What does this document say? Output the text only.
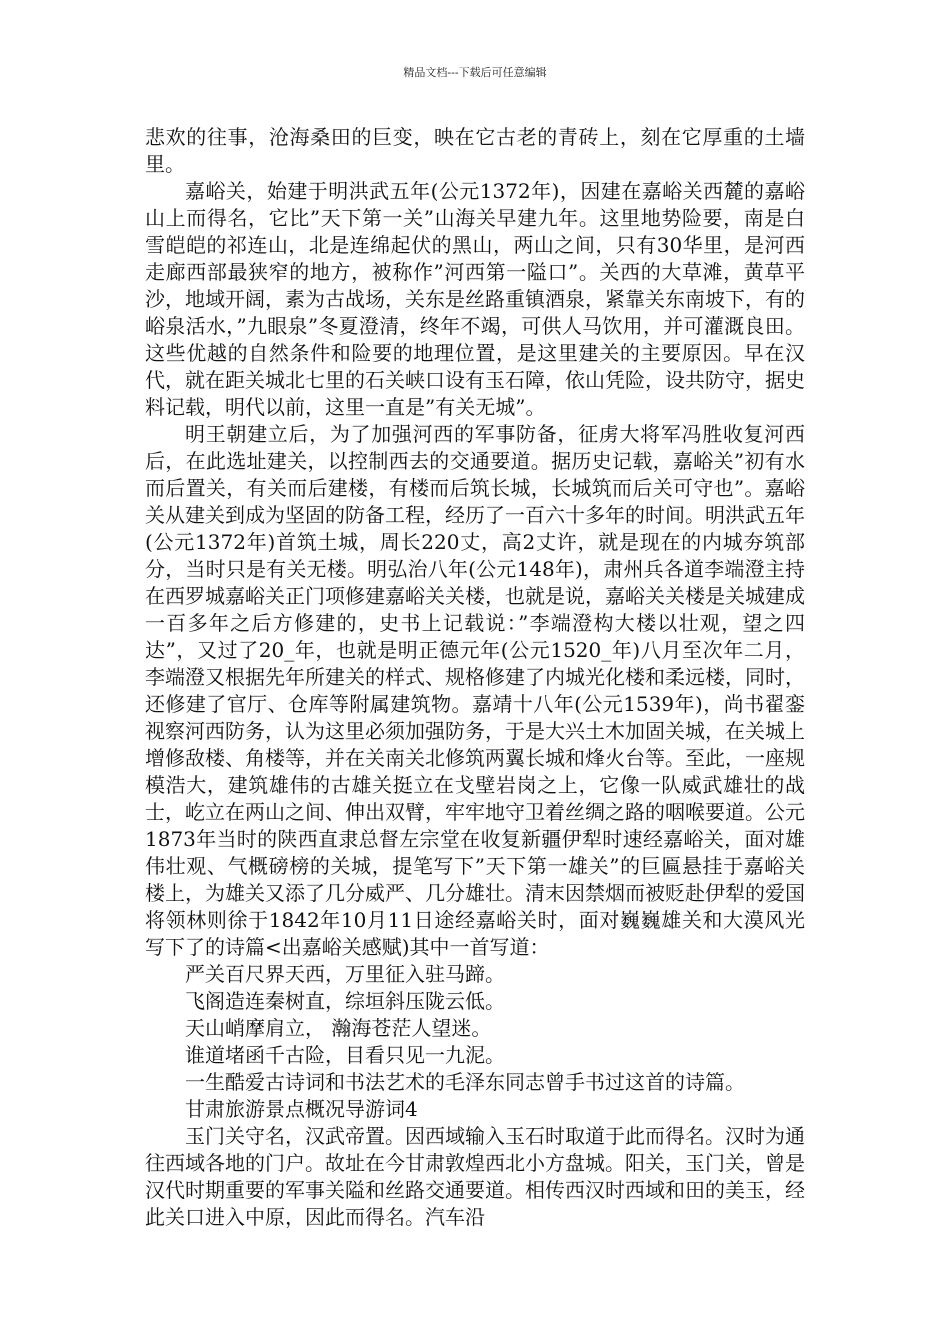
精品文档---下载后可任意编辑

悲欢的往事，沧海桑田的巨变，映在它古老的青砖上，刻在它厚重的土墙里。

嘉峪关，始建于明洪武五年(公元1372年)，因建在嘉峪关西麓的嘉峪山上而得名，它比”天下第一关”山海关早建九年。这里地势险要，南是白雪皑皑的祁连山，北是连绵起伏的黑山，两山之间，只有30华里，是河西走廊西部最狭窄的地方，被称作”河西第一隘口”。关西的大草滩，黄草平沙，地域开阔，素为古战场，关东是丝路重镇酒泉，紧靠关东南坡下，有的峪泉活水，”九眼泉”冬夏澄清，终年不竭，可供人马饮用，并可灌溉良田。这些优越的自然条件和险要的地理位置，是这里建关的主要原因。早在汉代，就在距关城北七里的石关峡口设有玉石障，依山凭险，设共防守，据史料记载，明代以前，这里一直是”有关无城”。

明王朝建立后，为了加强河西的军事防备，征虏大将军冯胜收复河西后，在此选址建关，以控制西去的交通要道。据历史记载，嘉峪关”初有水而后置关，有关而后建楼，有楼而后筑长城，长城筑而后关可守也”。嘉峪关从建关到成为坚固的防备工程，经历了一百六十多年的时间。明洪武五年(公元1372年)首筑土城，周长220丈，高2丈许，就是现在的内城夯筑部分，当时只是有关无楼。明弘治八年(公元148年)，肃州兵各道李端澄主持在西罗城嘉峪关正门项修建嘉峪关关楼，也就是说，嘉峪关关楼是关城建成一百多年之后方修建的，史书上记载说：”李端澄构大楼以壮观，望之四达”，又过了20_年，也就是明正德元年(公元1520_年)八月至次年二月，李端澄又根据先年所建关的样式、规格修建了内城光化楼和柔远楼，同时，还修建了官厅、仓库等附属建筑物。嘉靖十八年(公元1539年)，尚书翟銮视察河西防务，认为这里必须加强防务，于是大兴土木加固关城，在关城上增修敌楼、角楼等，并在关南关北修筑两翼长城和烽火台等。至此，一座规模浩大，建筑雄伟的古雄关挺立在戈壁岩岗之上，它像一队威武雄壮的战士，屹立在两山之间、伸出双臂，牢牢地守卫着丝绸之路的咽喉要道。公元1873年当时的陕西直隶总督左宗堂在收复新疆伊犁时速经嘉峪关，面对雄伟壮观、气概磅榜的关城，提笔写下”天下第一雄关”的巨匾悬挂于嘉峪关楼上，为雄关又添了几分威严、几分雄壮。清末因禁烟而被贬赴伊犁的爱国将领林则徐于1842年10月11日途经嘉峪关时，面对巍巍雄关和大漠风光写下了的诗篇<出嘉峪关感赋)其中一首写道：

严关百尺界天西，万里征入驻马蹄。

飞阁造连秦树直，综垣斜压陇云低。

天山峭摩肩立， 瀚海苍茫人望迷。

谁道堵函千古险，目看只见一九泥。

一生酷爱古诗词和书法艺术的毛泽东同志曾手书过这首的诗篇。

甘肃旅游景点概况导游词4

玉门关守名，汉武帝置。因西域输入玉石时取道于此而得名。汉时为通往西域各地的门户。故址在今甘肃敦煌西北小方盘城。阳关，玉门关，曾是汉代时期重要的军事关隘和丝路交通要道。相传西汉时西域和田的美玉，经此关口进入中原，因此而得名。汽车沿
